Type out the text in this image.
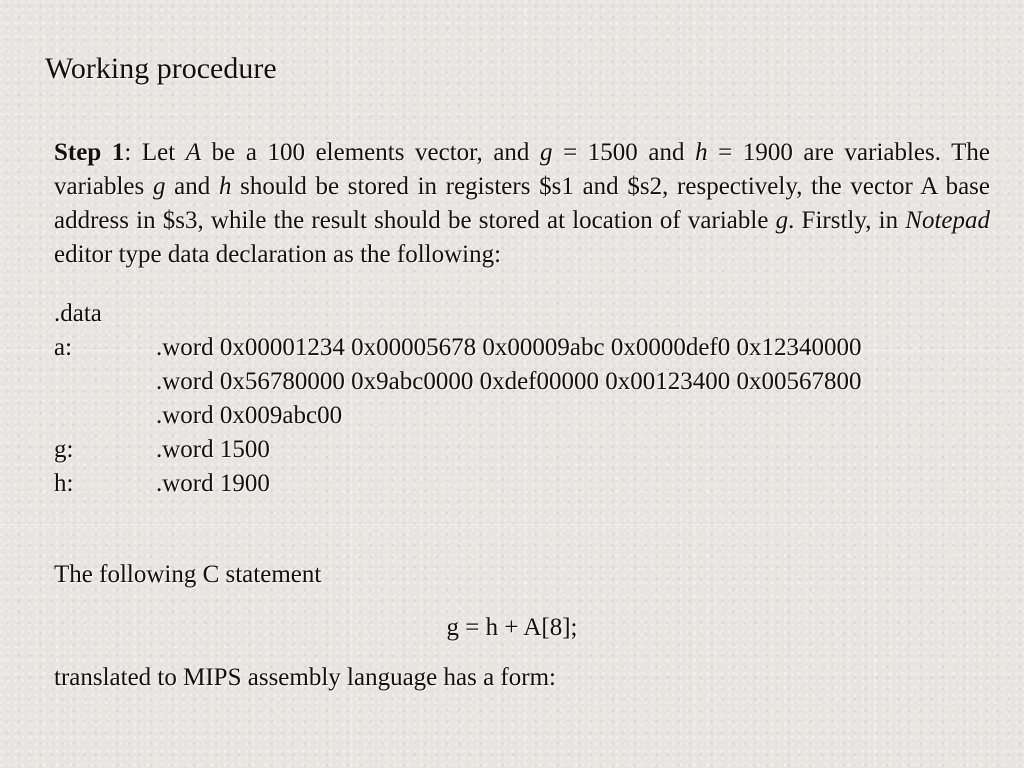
Working procedure
Step 1: Let A be a 100 elements vector, and g = 1500 and h = 1900 are variables. The variables g and h should be stored in registers $s1 and $s2, respectively, the vector A base address in $s3, while the result should be stored at location of variable g. Firstly, in Notepad editor type data declaration as the following:
.data
a:	.word 0x00001234 0x00005678 0x00009abc 0x0000def0 0x12340000
.word 0x56780000 0x9abc0000 0xdef00000 0x00123400 0x00567800
.word 0x009abc00
g:	.word 1500
h:	.word 1900
The following C statement
g = h + A[8];
translated to MIPS assembly language has a form:
